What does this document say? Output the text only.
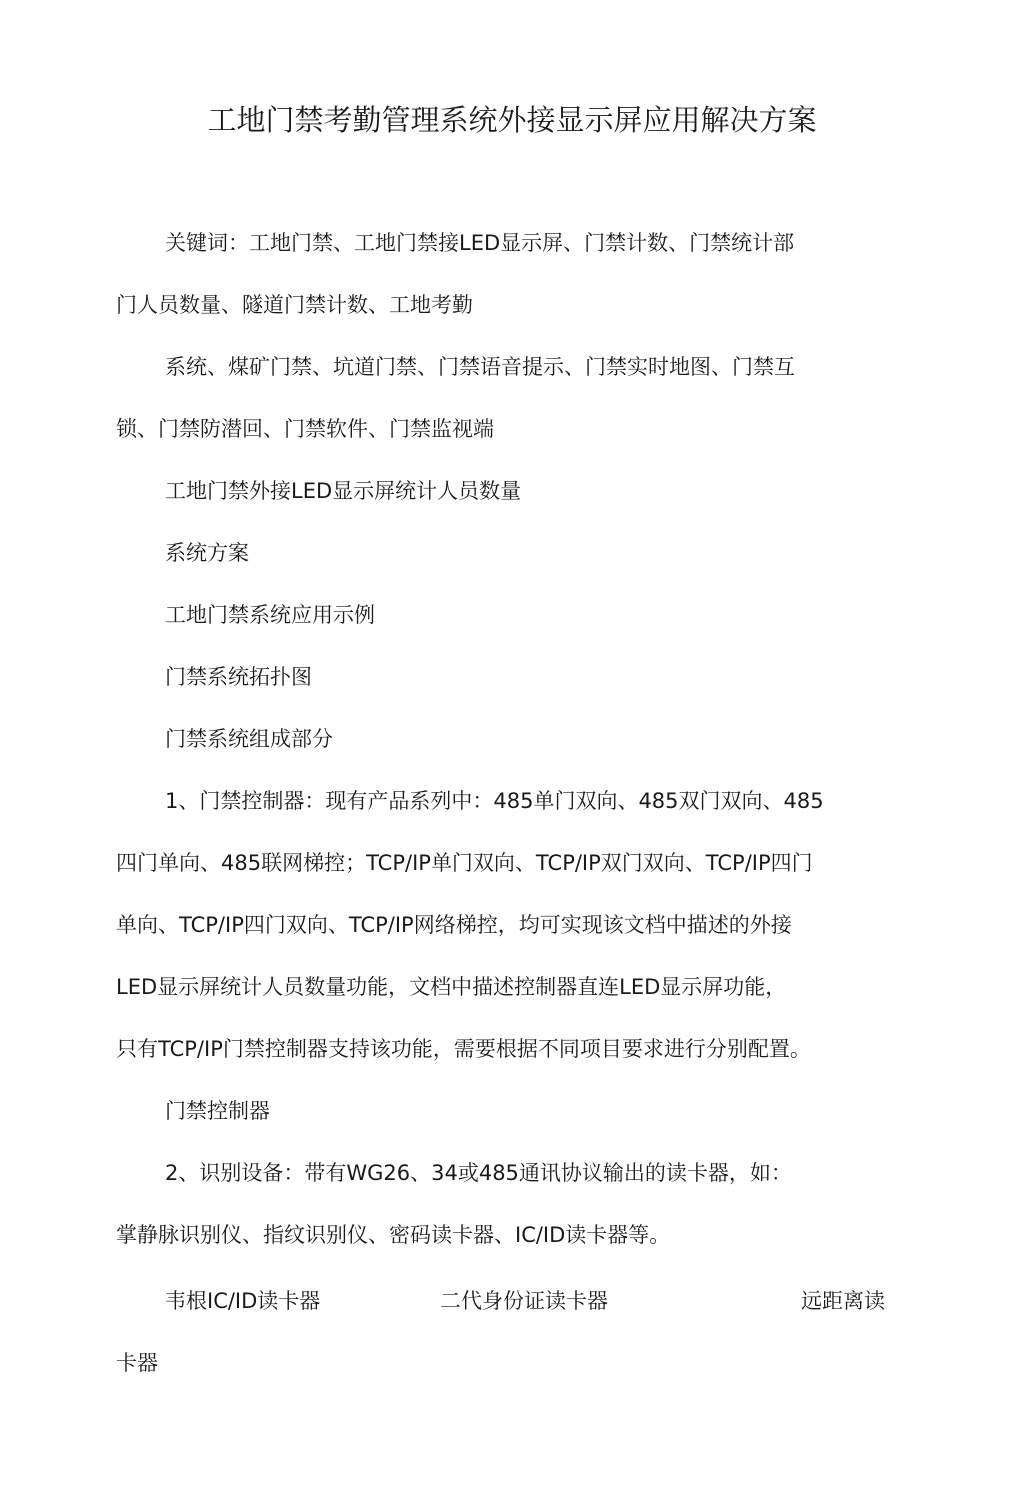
工地门禁考勤管理系统外接显示屏应用解决方案
关键词：工地门禁、工地门禁接LED显示屏、门禁计数、门禁统计部
门人员数量、隧道门禁计数、工地考勤
系统、煤矿门禁、坑道门禁、门禁语音提示、门禁实时地图、门禁互
锁、门禁防潜回、门禁软件、门禁监视端
工地门禁外接LED显示屏统计人员数量
系统方案
工地门禁系统应用示例
门禁系统拓扑图
门禁系统组成部分
1、门禁控制器：现有产品系列中：485单门双向、485双门双向、485
四门单向、485联网梯控；TCP/IP单门双向、TCP/IP双门双向、TCP/IP四门
单向、TCP/IP四门双向、TCP/IP网络梯控，均可实现该文档中描述的外接
LED显示屏统计人员数量功能，文档中描述控制器直连LED显示屏功能，
只有TCP/IP门禁控制器支持该功能，需要根据不同项目要求进行分别配置。
门禁控制器
2、识别设备：带有WG26、34或485通讯协议输出的读卡器，如：
掌静脉识别仪、指纹识别仪、密码读卡器、IC/ID读卡器等。
韦根IC/ID读卡器	二代身份证读卡器	远距离读
卡器
